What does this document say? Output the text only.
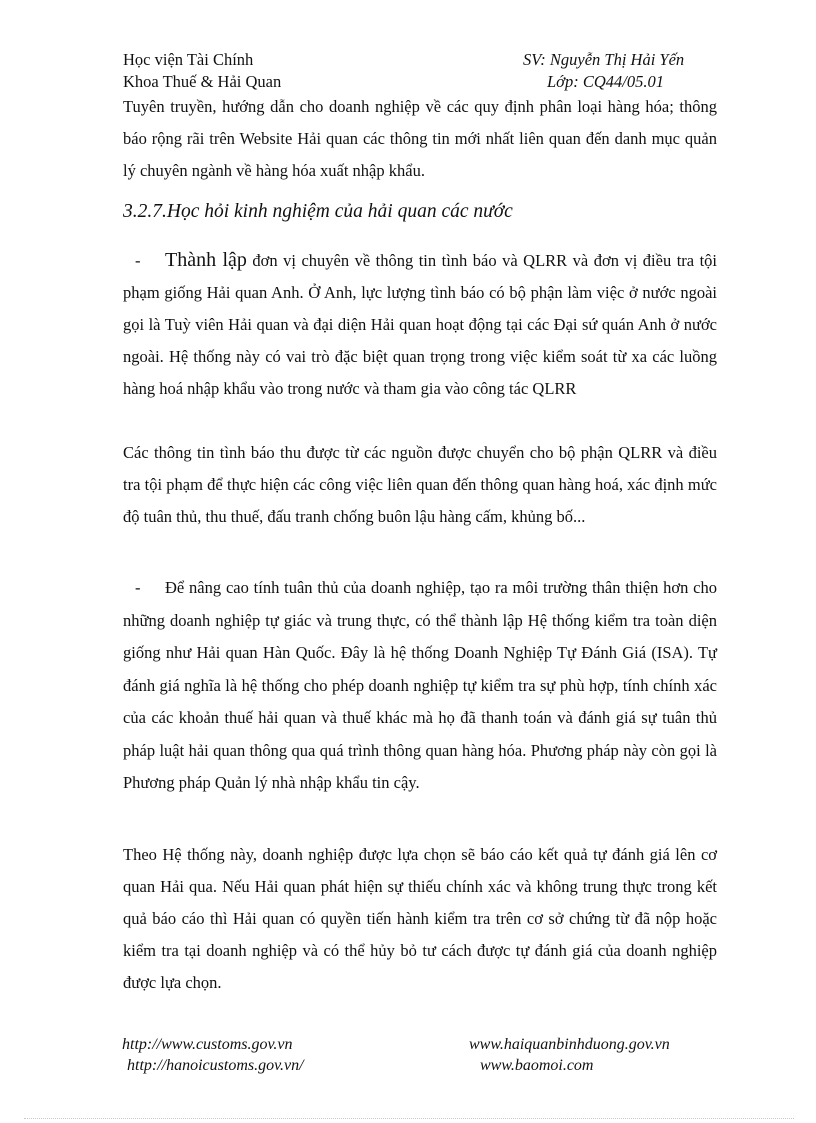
Học viện Tài Chính
Khoa Thuế & Hải Quan
SV: Nguyễn Thị Hải Yến
Lớp: CQ44/05.01
Tuyên truyền, hướng dẫn cho doanh nghiệp về các quy định phân loại hàng hóa; thông báo rộng rãi trên Website Hải quan các thông tin mới nhất liên quan đến danh mục quản lý chuyên ngành về hàng hóa xuất nhập khẩu.
3.2.7.Học hỏi kinh nghiệm của hải quan các nước
- Thành lập đơn vị chuyên về thông tin tình báo và QLRR và đơn vị điều tra tội phạm giống Hải quan Anh. Ở Anh, lực lượng tình báo có bộ phận làm việc ở nước ngoài gọi là Tuỳ viên Hải quan và đại diện Hải quan hoạt động tại các Đại sứ quán Anh ở nước ngoài. Hệ thống này có vai trò đặc biệt quan trọng trong việc kiểm soát từ xa các luồng hàng hoá nhập khẩu vào trong nước và tham gia vào công tác QLRR
Các thông tin tình báo thu được từ các nguồn được chuyển cho bộ phận QLRR và điều tra tội phạm để thực hiện các công việc liên quan đến thông quan hàng hoá, xác định mức độ tuân thủ, thu thuế, đấu tranh chống buôn lậu hàng cấm, khủng bố...
- Để nâng cao tính tuân thủ của doanh nghiệp, tạo ra môi trường thân thiện hơn cho những doanh nghiệp tự giác và trung thực, có thể thành lập Hệ thống kiểm tra toàn diện giống như Hải quan Hàn Quốc. Đây là hệ thống Doanh Nghiệp Tự Đánh Giá (ISA). Tự đánh giá nghĩa là hệ thống cho phép doanh nghiệp tự kiểm tra sự phù hợp, tính chính xác của các khoản thuế hải quan và thuế khác mà họ đã thanh toán và đánh giá sự tuân thủ pháp luật hải quan thông qua quá trình thông quan hàng hóa. Phương pháp này còn gọi là Phương pháp Quản lý nhà nhập khẩu tin cậy.
Theo Hệ thống này, doanh nghiệp được lựa chọn sẽ báo cáo kết quả tự đánh giá lên cơ quan Hải qua. Nếu Hải quan phát hiện sự thiếu chính xác và không trung thực trong kết quả báo cáo thì Hải quan có quyền tiến hành kiểm tra trên cơ sở chứng từ đã nộp hoặc kiểm tra tại doanh nghiệp và có thể hủy bỏ tư cách được tự đánh giá của doanh nghiệp được lựa chọn.
http://www.customs.gov.vn
http://hanoicustoms.gov.vn/
www.haiquanbinhduong.gov.vn
www.baomoi.com
